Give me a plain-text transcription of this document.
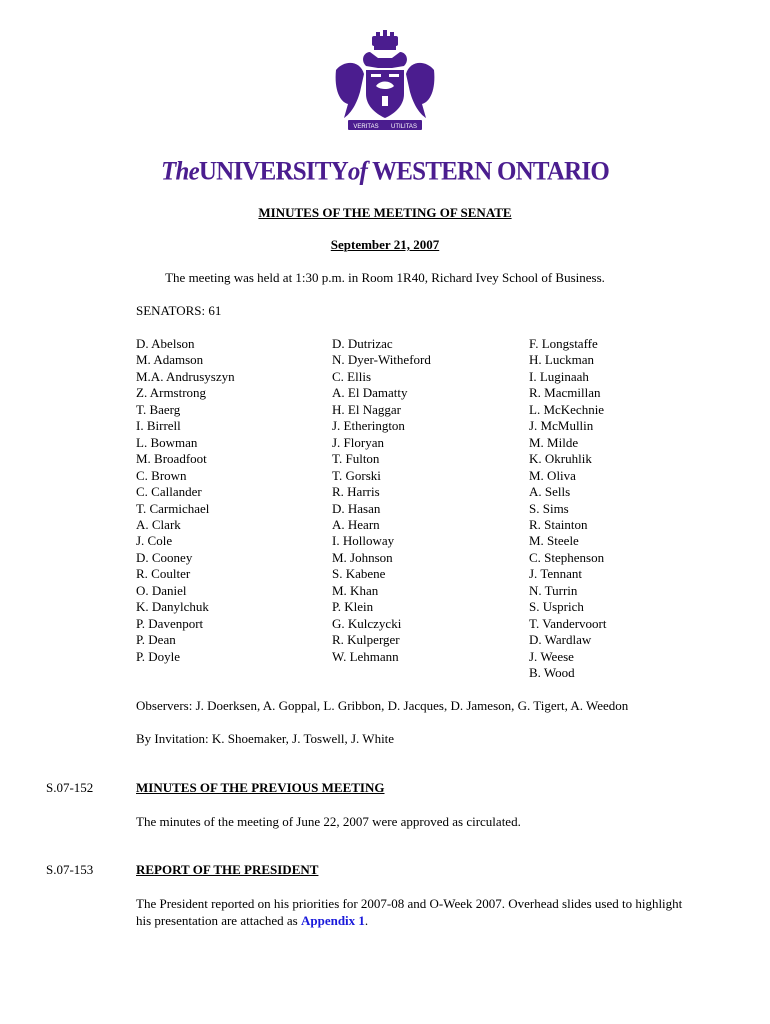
VERITAS UTILITAS
TheUNIVERSITYof WESTERN ONTARIO
MINUTES OF THE MEETING OF SENATE
September 21, 2007
The meeting was held at 1:30 p.m. in Room 1R40, Richard Ivey School of Business.
SENATORS: 61
D. Abelson
M. Adamson
M.A. Andrusyszyn
Z. Armstrong
T. Baerg
I. Birrell
L. Bowman
M. Broadfoot
C. Brown
C. Callander
T. Carmichael
A. Clark
J. Cole
D. Cooney
R. Coulter
O. Daniel
K. Danylchuk
P. Davenport
P. Dean
P. Doyle
D. Dutrizac
N. Dyer-Witheford
C. Ellis
A. El Damatty
H. El Naggar
J. Etherington
J. Floryan
T. Fulton
T. Gorski
R. Harris
D. Hasan
A. Hearn
I. Holloway
M. Johnson
S. Kabene
M. Khan
P. Klein
G. Kulczycki
R. Kulperger
W. Lehmann
F. Longstaffe
H. Luckman
I. Luginaah
R. Macmillan
L. McKechnie
J. McMullin
M. Milde
K. Okruhlik
M. Oliva
A. Sells
S. Sims
R. Stainton
M. Steele
C. Stephenson
J. Tennant
N. Turrin
S. Usprich
T. Vandervoort
D. Wardlaw
J. Weese
B. Wood
Observers: J. Doerksen, A. Goppal, L. Gribbon, D. Jacques, D. Jameson, G. Tigert, A. Weedon
By Invitation: K. Shoemaker, J. Toswell, J. White
S.07-152	MINUTES OF THE PREVIOUS MEETING
The minutes of the meeting of June 22, 2007 were approved as circulated.
S.07-153	REPORT OF THE PRESIDENT
The President reported on his priorities for 2007-08 and O-Week 2007. Overhead slides used to highlight his presentation are attached as Appendix 1.
